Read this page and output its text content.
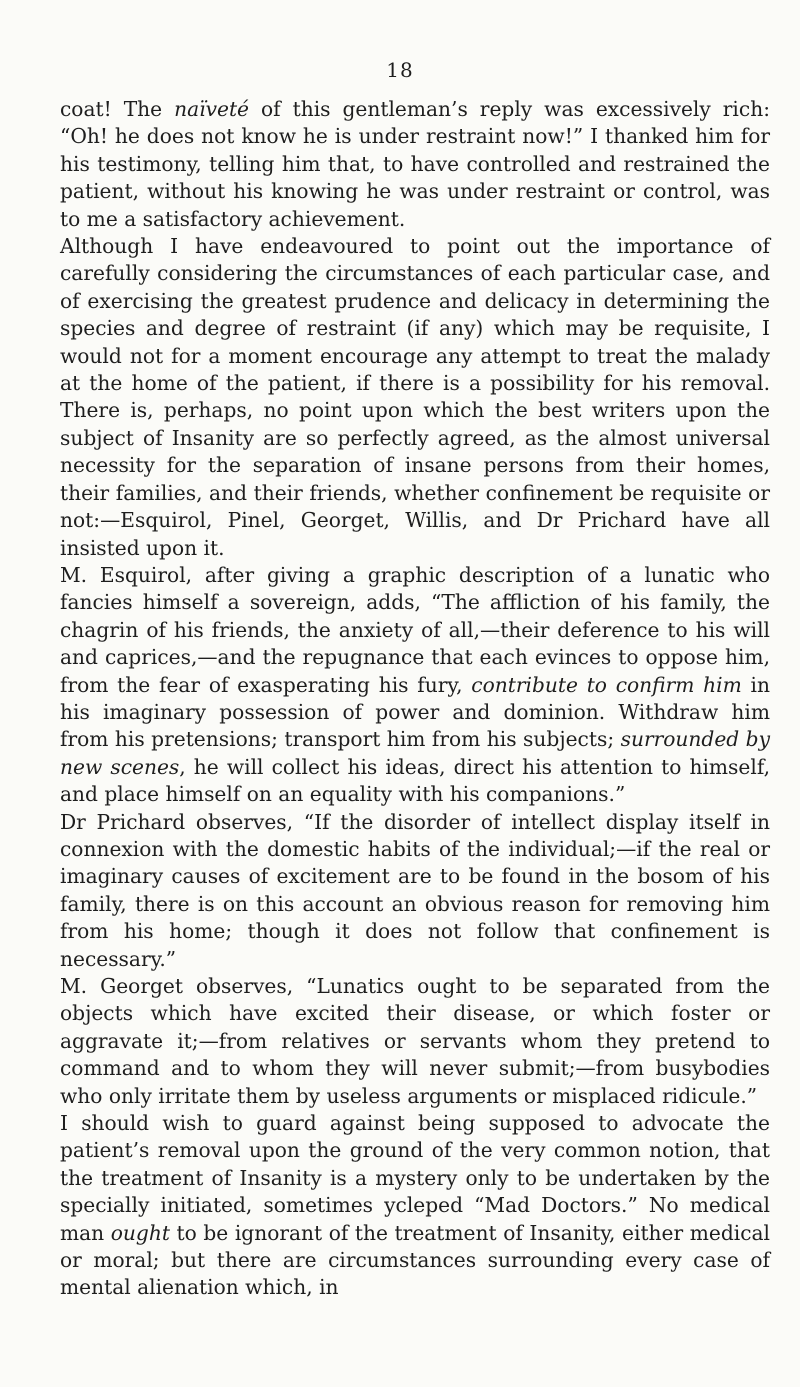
18

coat! The naïveté of this gentleman’s reply was excessively rich: “Oh! he does not know he is under restraint now!” I thanked him for his testimony, telling him that, to have controlled and restrained the patient, without his knowing he was under restraint or control, was to me a satisfactory achievement.

Although I have endeavoured to point out the importance of carefully considering the circumstances of each particular case, and of exercising the greatest prudence and delicacy in determining the species and degree of restraint (if any) which may be requisite, I would not for a moment encourage any attempt to treat the malady at the home of the patient, if there is a possibility for his removal. There is, perhaps, no point upon which the best writers upon the subject of Insanity are so perfectly agreed, as the almost universal necessity for the separation of insane persons from their homes, their families, and their friends, whether confinement be requisite or not:—Esquirol, Pinel, Georget, Willis, and Dr Prichard have all insisted upon it.

M. Esquirol, after giving a graphic description of a lunatic who fancies himself a sovereign, adds, “The affliction of his family, the chagrin of his friends, the anxiety of all,—their deference to his will and caprices,—and the repugnance that each evinces to oppose him, from the fear of exasperating his fury, contribute to confirm him in his imaginary possession of power and dominion. Withdraw him from his pretensions; transport him from his subjects; surrounded by new scenes, he will collect his ideas, direct his attention to himself, and place himself on an equality with his companions.”

Dr Prichard observes, “If the disorder of intellect display itself in connexion with the domestic habits of the individual;—if the real or imaginary causes of excitement are to be found in the bosom of his family, there is on this account an obvious reason for removing him from his home; though it does not follow that confinement is necessary.”

M. Georget observes, “Lunatics ought to be separated from the objects which have excited their disease, or which foster or aggravate it;—from relatives or servants whom they pretend to command and to whom they will never submit;—from busybodies who only irritate them by useless arguments or misplaced ridicule.”

I should wish to guard against being supposed to advocate the patient’s removal upon the ground of the very common notion, that the treatment of Insanity is a mystery only to be undertaken by the specially initiated, sometimes ycleped “Mad Doctors.” No medical man ought to be ignorant of the treatment of Insanity, either medical or moral; but there are circumstances surrounding every case of mental alienation which, in
